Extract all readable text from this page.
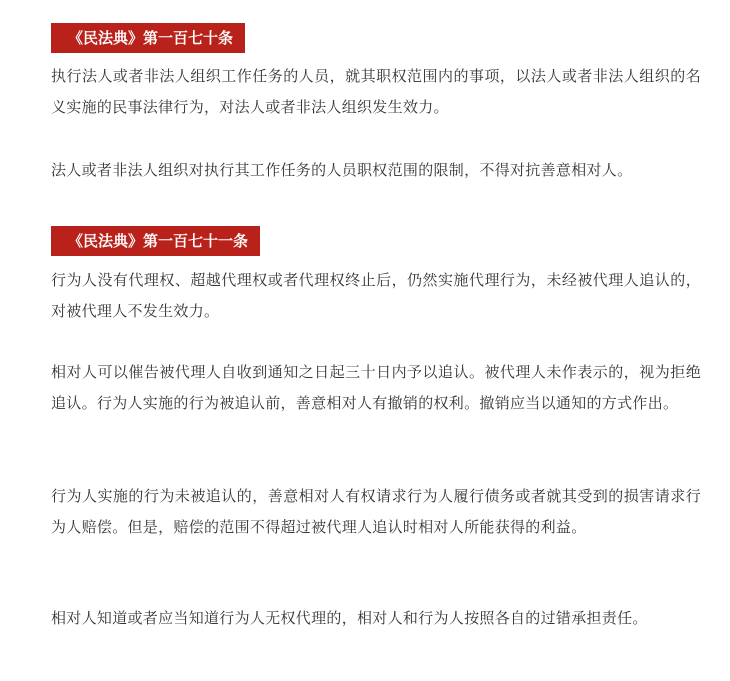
《民法典》第一百七十条

执行法人或者非法人组织工作任务的人员，就其职权范围内的事项，以法人或者非法人组织的名义实施的民事法律行为，对法人或者非法人组织发生效力。

法人或者非法人组织对执行其工作任务的人员职权范围的限制，不得对抗善意相对人。

《民法典》第一百七十一条

行为人没有代理权、超越代理权或者代理权终止后，仍然实施代理行为，未经被代理人追认的，对被代理人不发生效力。

相对人可以催告被代理人自收到通知之日起三十日内予以追认。被代理人未作表示的，视为拒绝追认。行为人实施的行为被追认前，善意相对人有撤销的权利。撤销应当以通知的方式作出。

行为人实施的行为未被追认的，善意相对人有权请求行为人履行债务或者就其受到的损害请求行为人赔偿。但是，赔偿的范围不得超过被代理人追认时相对人所能获得的利益。

相对人知道或者应当知道行为人无权代理的，相对人和行为人按照各自的过错承担责任。
